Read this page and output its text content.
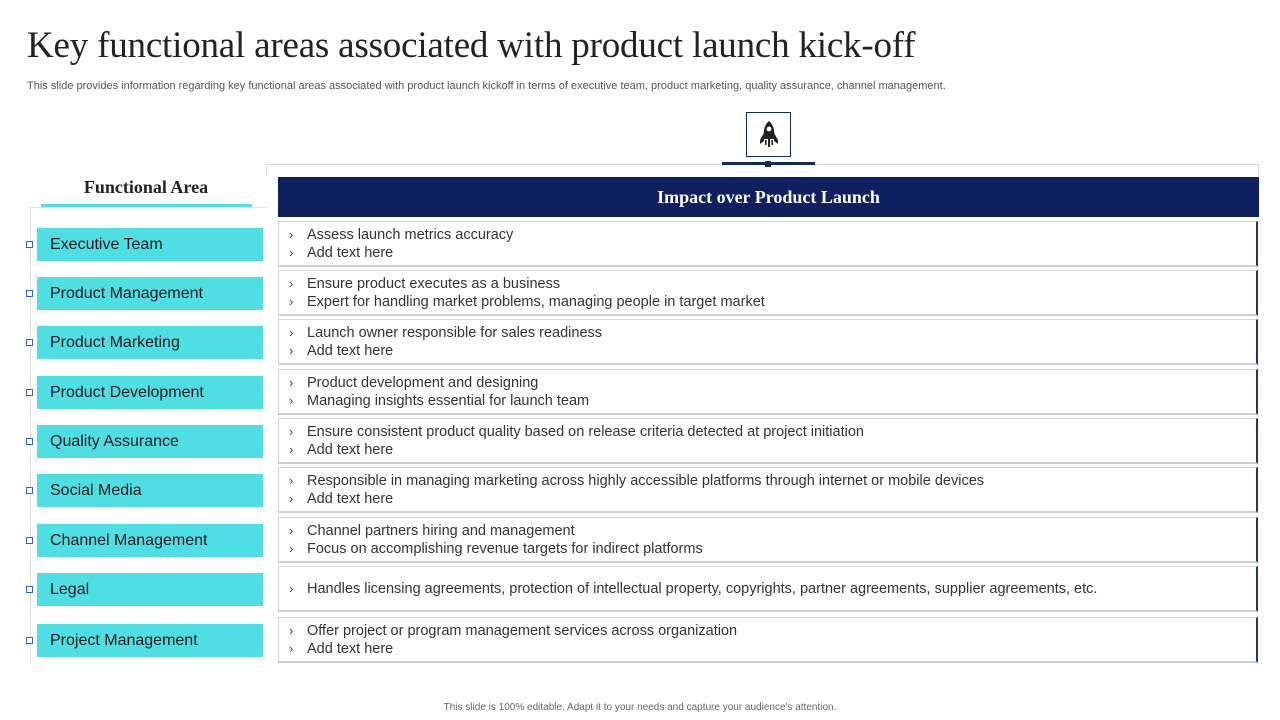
Key functional areas associated with product launch kick-off
This slide provides information regarding key functional areas associated with product launch kickoff in terms of executive team, product marketing, quality assurance, channel management.
Functional Area	Impact over Product Launch
Executive Team
› Assess launch metrics accuracy
› Add text here
Product Management
› Ensure product executes as a business
› Expert for handling market problems, managing people in target market
Product Marketing
› Launch owner responsible for sales readiness
› Add text here
Product Development
› Product development and designing
› Managing insights essential for launch team
Quality Assurance
› Ensure consistent product quality based on release criteria detected at project initiation
› Add text here
Social Media
› Responsible in managing marketing across highly accessible platforms through internet or mobile devices
› Add text here
Channel Management
› Channel partners hiring and management
› Focus on accomplishing revenue targets for indirect platforms
Legal	› Handles licensing agreements, protection of intellectual property, copyrights, partner agreements, supplier agreements, etc.
Project Management
› Offer project or program management services across organization
› Add text here
This slide is 100% editable. Adapt it to your needs and capture your audience's attention.
